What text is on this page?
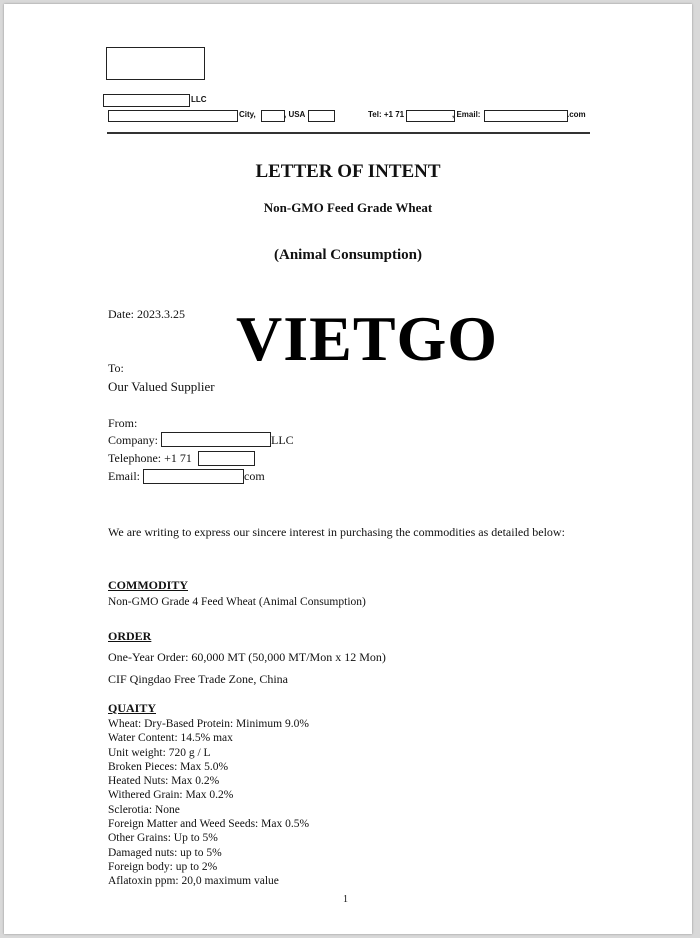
LLC
City,	, USA	Tel: +1 71	, Email:	.com
LETTER OF INTENT
Non-GMO Feed Grade Wheat
(Animal Consumption)
Date: 2023.3.25 VIETGO
To:
Our Valued Supplier
From:
Company:	LLC
Telephone: +1 71
Email:	com
We are writing to express our sincere interest in purchasing the commodities as detailed below:
COMMODITY
Non-GMO Grade 4 Feed Wheat (Animal Consumption)
ORDER
One-Year Order: 60,000 MT (50,000 MT/Mon x 12 Mon)
CIF Qingdao Free Trade Zone, China
QUAITY
Wheat: Dry-Based Protein: Minimum 9.0%
Water Content: 14.5% max
Unit weight: 720 g / L
Broken Pieces: Max 5.0%
Heated Nuts: Max 0.2%
Withered Grain: Max 0.2%
Sclerotia: None
Foreign Matter and Weed Seeds: Max 0.5%
Other Grains: Up to 5%
Damaged nuts: up to 5%
Foreign body: up to 2%
Aflatoxin ppm: 20,0 maximum value
1
